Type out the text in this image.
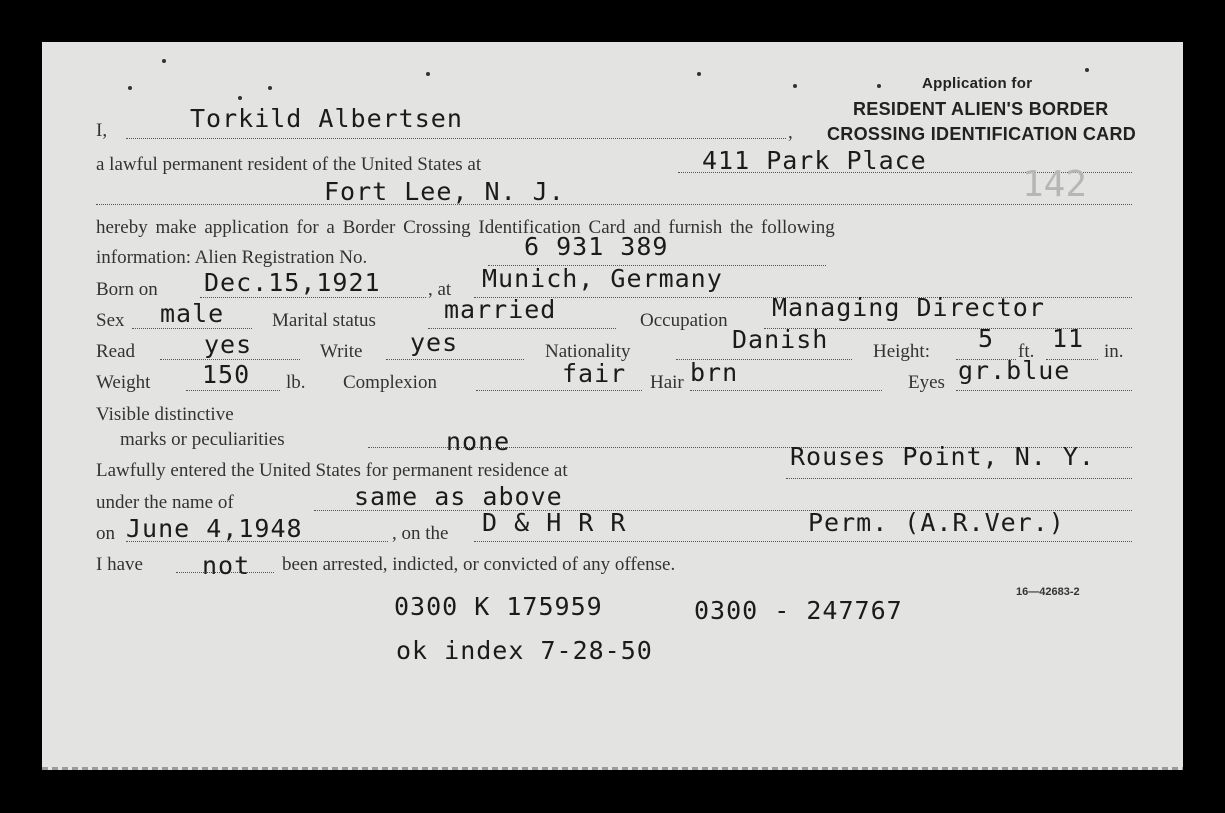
Application for
RESIDENT ALIEN'S BORDER
CROSSING IDENTIFICATION CARD
I,	,
Torkild Albertsen
a lawful permanent resident of the United States at	411 Park Place
Fort Lee, N. J.	142
hereby make application for a Border Crossing Identification Card and furnish the following
information: Alien Registration No.	6 931 389
Born on Dec.15,1921 , at Munich, Germany
Sex male	Marital status	married	Occupation Managing Director
Read	yes	Write yes	Nationality	Danish Height: 5 ft. 11 in.
Weight 150 lb. Complexion	fair Hair brn	Eyes gr.blue
Visible distinctive
marks or peculiarities	none
Lawfully entered the United States for permanent residence at	Rouses Point, N. Y.
under the name of	same as above
on June 4,1948	, on the D & H R R	Perm. (A.R.Ver.)
I have not been arrested, indicted, or convicted of any offense.
16—42683-2
0300 K 175959	0300 - 247767
ok index 7-28-50
